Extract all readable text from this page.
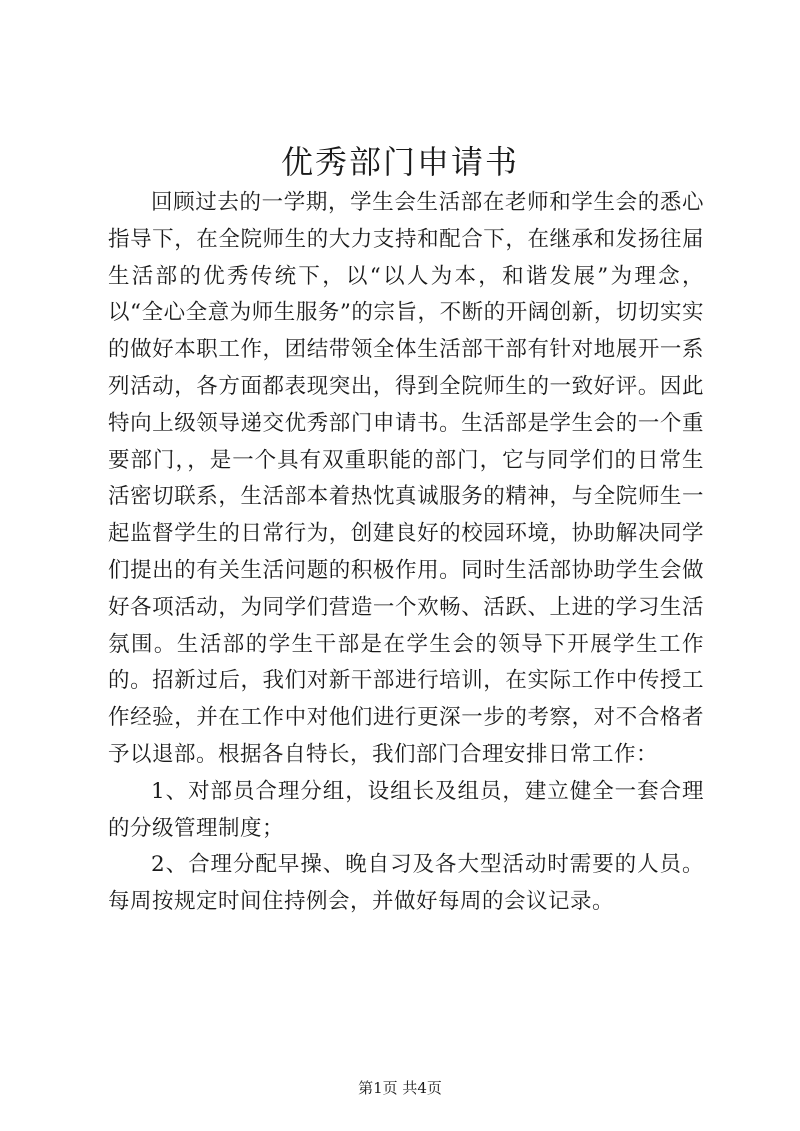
优秀部门申请书

回顾过去的一学期，学生会生活部在老师和学生会的悉心指导下，在全院师生的大力支持和配合下，在继承和发扬往届生活部的优秀传统下，以“以人为本，和谐发展”为理念，以“全心全意为师生服务”的宗旨，不断的开阔创新，切切实实的做好本职工作，团结带领全体生活部干部有针对地展开一系列活动，各方面都表现突出，得到全院师生的一致好评。因此特向上级领导递交优秀部门申请书。生活部是学生会的一个重要部门，，是一个具有双重职能的部门，它与同学们的日常生活密切联系，生活部本着热忱真诚服务的精神，与全院师生一起监督学生的日常行为，创建良好的校园环境，协助解决同学们提出的有关生活问题的积极作用。同时生活部协助学生会做好各项活动，为同学们营造一个欢畅、活跃、上进的学习生活氛围。生活部的学生干部是在学生会的领导下开展学生工作的。招新过后，我们对新干部进行培训，在实际工作中传授工作经验，并在工作中对他们进行更深一步的考察，对不合格者予以退部。根据各自特长，我们部门合理安排日常工作：

1、对部员合理分组，设组长及组员，建立健全一套合理的分级管理制度；

2、合理分配早操、晚自习及各大型活动时需要的人员。每周按规定时间住持例会，并做好每周的会议记录。

第1页 共4页
